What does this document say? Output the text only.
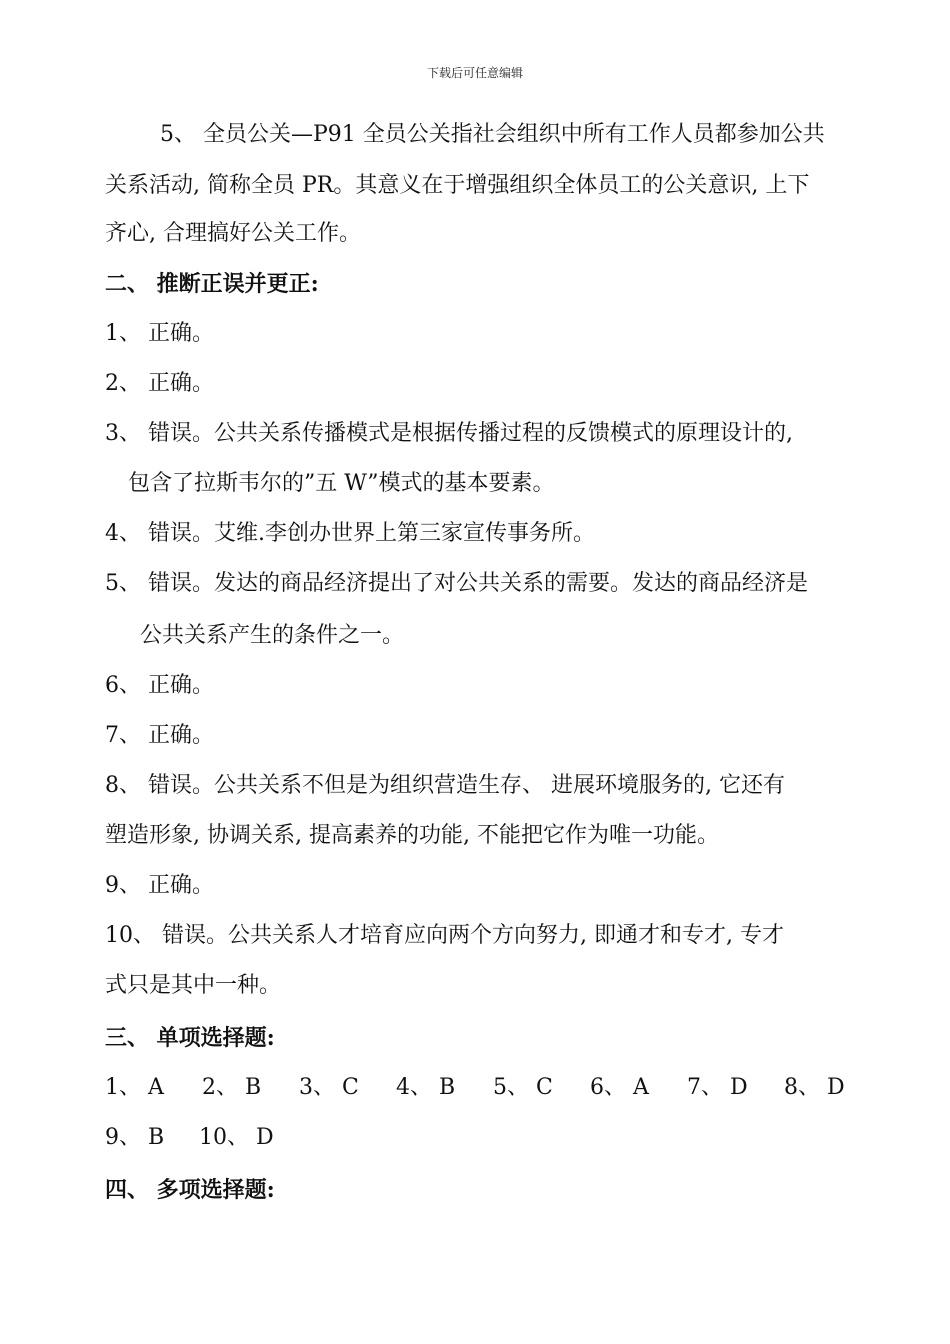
下载后可任意编辑
5、 全员公关—P91 全员公关指社会组织中所有工作人员都参加公共
关系活动, 简称全员 PR。其意义在于增强组织全体员工的公关意识, 上下
齐心, 合理搞好公关工作。
二、 推断正误并更正:
1、 正确。
2、 正确。
3、 错误。公共关系传播模式是根据传播过程的反馈模式的原理设计的,
包含了拉斯韦尔的”五 W”模式的基本要素。
4、 错误。艾维.李创办世界上第三家宣传事务所。
5、 错误。发达的商品经济提出了对公共关系的需要。发达的商品经济是
公共关系产生的条件之一。
6、 正确。
7、 正确。
8、 错误。公共关系不但是为组织营造生存、 进展环境服务的, 它还有
塑造形象, 协调关系, 提高素养的功能, 不能把它作为唯一功能。
9、 正确。
10、 错误。公共关系人才培育应向两个方向努力, 即通才和专才, 专才
式只是其中一种。
三、 单项选择题:
1、 A 2、 B 3、 C 4、 B 5、 C 6、 A 7、 D 8、 D
9、 B 10、 D
四、 多项选择题:
